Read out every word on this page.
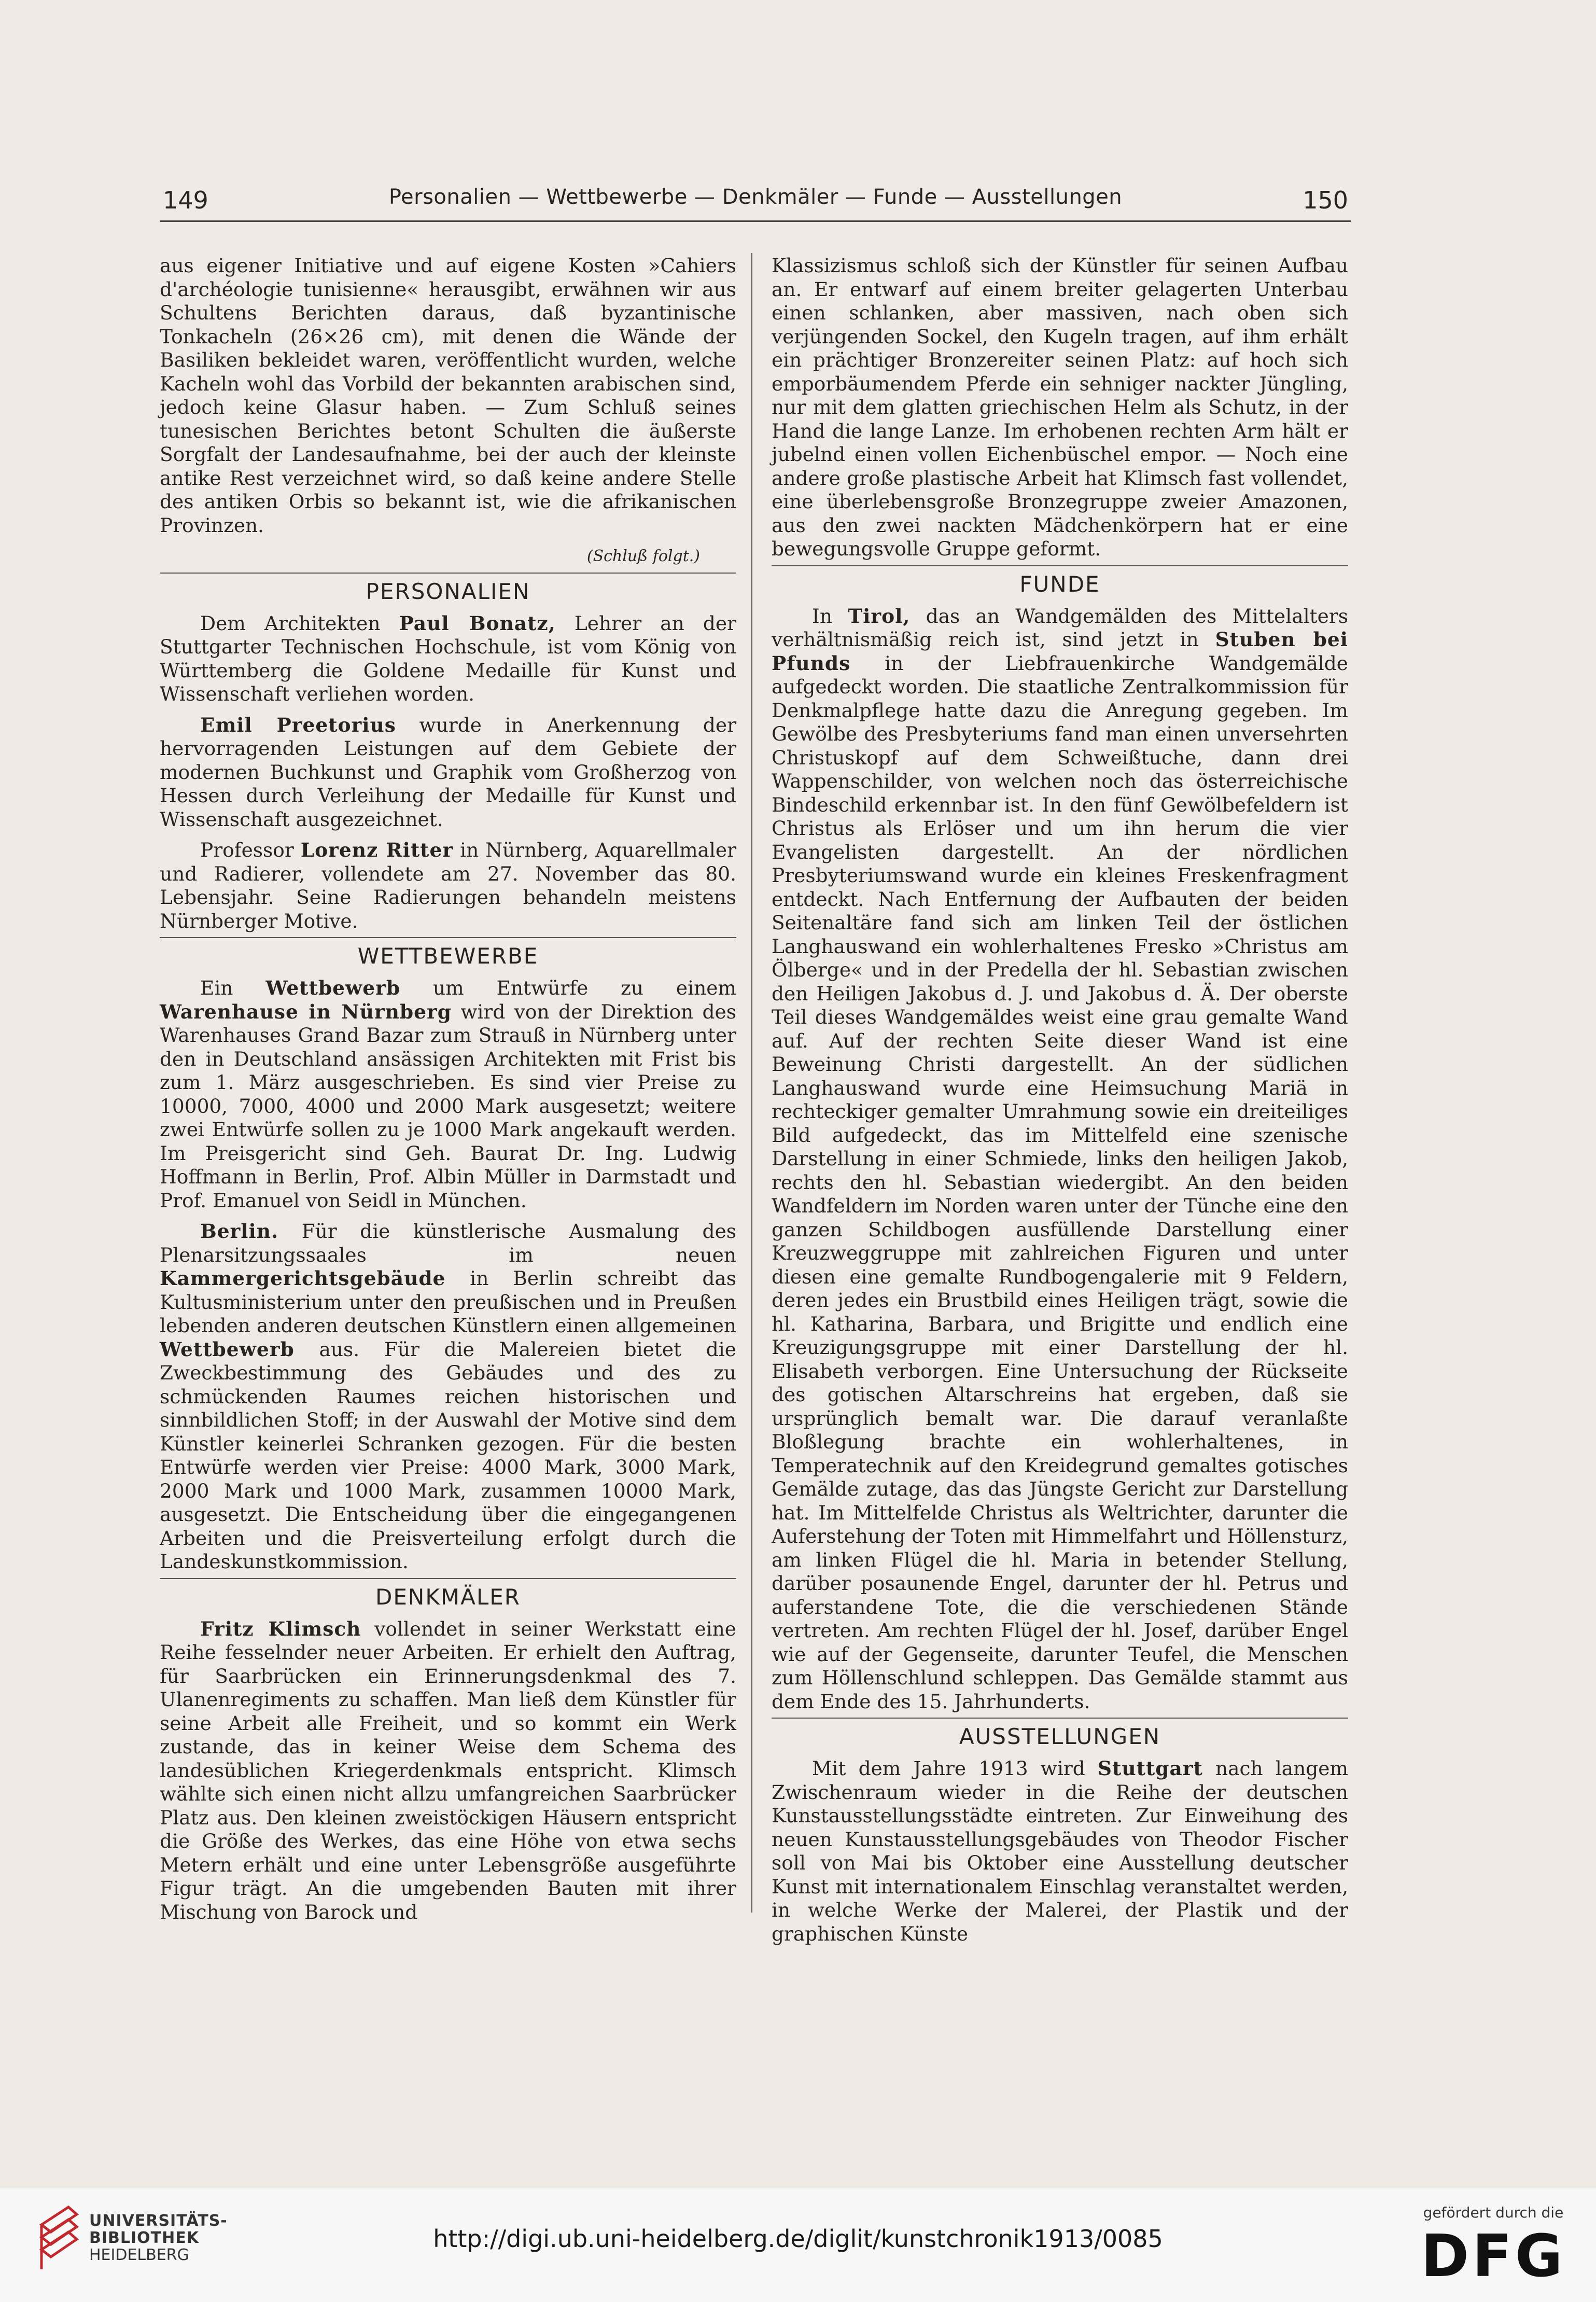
149	Personalien — Wettbewerbe — Denkmäler — Funde — Ausstellungen	150

aus eigener Initiative und auf eigene Kosten »Cahiers d'archéologie tunisienne« herausgibt, erwähnen wir aus Schultens Berichten daraus, daß byzantinische Tonkacheln (26×26 cm), mit denen die Wände der Basiliken bekleidet waren, veröffentlicht wurden, welche Kacheln wohl das Vorbild der bekannten arabischen sind, jedoch keine Glasur haben. — Zum Schluß seines tunesischen Berichtes betont Schulten die äußerste Sorgfalt der Landesaufnahme, bei der auch der kleinste antike Rest verzeichnet wird, so daß keine andere Stelle des antiken Orbis so bekannt ist, wie die afrikanischen Provinzen.

(Schluß folgt.)
PERSONALIEN

Dem Architekten Paul Bonatz, Lehrer an der Stuttgarter Technischen Hochschule, ist vom König von Württemberg die Goldene Medaille für Kunst und Wissenschaft verliehen worden.

Emil Preetorius wurde in Anerkennung der hervorragenden Leistungen auf dem Gebiete der modernen Buchkunst und Graphik vom Großherzog von Hessen durch Verleihung der Medaille für Kunst und Wissenschaft ausgezeichnet.

Professor Lorenz Ritter in Nürnberg, Aquarellmaler und Radierer, vollendete am 27. November das 80. Lebensjahr. Seine Radierungen behandeln meistens Nürnberger Motive.

WETTBEWERBE

Ein Wettbewerb um Entwürfe zu einem Warenhause in Nürnberg wird von der Direktion des Warenhauses Grand Bazar zum Strauß in Nürnberg unter den in Deutschland ansässigen Architekten mit Frist bis zum 1. März ausgeschrieben. Es sind vier Preise zu 10000, 7000, 4000 und 2000 Mark ausgesetzt; weitere zwei Entwürfe sollen zu je 1000 Mark angekauft werden. Im Preisgericht sind Geh. Baurat Dr. Ing. Ludwig Hoffmann in Berlin, Prof. Albin Müller in Darmstadt und Prof. Emanuel von Seidl in München.

Berlin. Für die künstlerische Ausmalung des Plenarsitzungssaales im neuen Kammergerichtsgebäude in Berlin schreibt das Kultusministerium unter den preußischen und in Preußen lebenden anderen deutschen Künstlern einen allgemeinen Wettbewerb aus. Für die Malereien bietet die Zweckbestimmung des Gebäudes und des zu schmückenden Raumes reichen historischen und sinnbildlichen Stoff; in der Auswahl der Motive sind dem Künstler keinerlei Schranken gezogen. Für die besten Entwürfe werden vier Preise: 4000 Mark, 3000 Mark, 2000 Mark und 1000 Mark, zusammen 10000 Mark, ausgesetzt. Die Entscheidung über die eingegangenen Arbeiten und die Preisverteilung erfolgt durch die Landeskunstkommission.

DENKMÄLER

Fritz Klimsch vollendet in seiner Werkstatt eine Reihe fesselnder neuer Arbeiten. Er erhielt den Auftrag, für Saarbrücken ein Erinnerungsdenkmal des 7. Ulanenregiments zu schaffen. Man ließ dem Künstler für seine Arbeit alle Freiheit, und so kommt ein Werk zustande, das in keiner Weise dem Schema des landesüblichen Kriegerdenkmals entspricht. Klimsch wählte sich einen nicht allzu umfangreichen Saarbrücker Platz aus. Den kleinen zweistöckigen Häusern entspricht die Größe des Werkes, das eine Höhe von etwa sechs Metern erhält und eine unter Lebensgröße ausgeführte Figur trägt. An die umgebenden Bauten mit ihrer Mischung von Barock und

Klassizismus schloß sich der Künstler für seinen Aufbau an. Er entwarf auf einem breiter gelagerten Unterbau einen schlanken, aber massiven, nach oben sich verjüngenden Sockel, den Kugeln tragen, auf ihm erhält ein prächtiger Bronzereiter seinen Platz: auf hoch sich emporbäumendem Pferde ein sehniger nackter Jüngling, nur mit dem glatten griechischen Helm als Schutz, in der Hand die lange Lanze. Im erhobenen rechten Arm hält er jubelnd einen vollen Eichenbüschel empor. — Noch eine andere große plastische Arbeit hat Klimsch fast vollendet, eine überlebensgroße Bronzegruppe zweier Amazonen, aus den zwei nackten Mädchenkörpern hat er eine bewegungsvolle Gruppe geformt.

FUNDE

In Tirol, das an Wandgemälden des Mittelalters verhältnismäßig reich ist, sind jetzt in Stuben bei Pfunds in der Liebfrauenkirche Wandgemälde aufgedeckt worden. Die staatliche Zentralkommission für Denkmalpflege hatte dazu die Anregung gegeben. Im Gewölbe des Presbyteriums fand man einen unversehrten Christuskopf auf dem Schweißtuche, dann drei Wappenschilder, von welchen noch das österreichische Bindeschild erkennbar ist. In den fünf Gewölbefeldern ist Christus als Erlöser und um ihn herum die vier Evangelisten dargestellt. An der nördlichen Presbyteriumswand wurde ein kleines Freskenfragment entdeckt. Nach Entfernung der Aufbauten der beiden Seitenaltäre fand sich am linken Teil der östlichen Langhauswand ein wohlerhaltenes Fresko »Christus am Ölberge« und in der Predella der hl. Sebastian zwischen den Heiligen Jakobus d. J. und Jakobus d. Ä. Der oberste Teil dieses Wandgemäldes weist eine grau gemalte Wand auf. Auf der rechten Seite dieser Wand ist eine Beweinung Christi dargestellt. An der südlichen Langhauswand wurde eine Heimsuchung Mariä in rechteckiger gemalter Umrahmung sowie ein dreiteiliges Bild aufgedeckt, das im Mittelfeld eine szenische Darstellung in einer Schmiede, links den heiligen Jakob, rechts den hl. Sebastian wiedergibt. An den beiden Wandfeldern im Norden waren unter der Tünche eine den ganzen Schildbogen ausfüllende Darstellung einer Kreuzweggruppe mit zahlreichen Figuren und unter diesen eine gemalte Rundbogengalerie mit 9 Feldern, deren jedes ein Brustbild eines Heiligen trägt, sowie die hl. Katharina, Barbara, und Brigitte und endlich eine Kreuzigungsgruppe mit einer Darstellung der hl. Elisabeth verborgen. Eine Untersuchung der Rückseite des gotischen Altarschreins hat ergeben, daß sie ursprünglich bemalt war. Die darauf veranlaßte Bloßlegung brachte ein wohlerhaltenes, in Temperatechnik auf den Kreidegrund gemaltes gotisches Gemälde zutage, das das Jüngste Gericht zur Darstellung hat. Im Mittelfelde Christus als Weltrichter, darunter die Auferstehung der Toten mit Himmelfahrt und Höllensturz, am linken Flügel die hl. Maria in betender Stellung, darüber posaunende Engel, darunter der hl. Petrus und auferstandene Tote, die die verschiedenen Stände vertreten. Am rechten Flügel der hl. Josef, darüber Engel wie auf der Gegenseite, darunter Teufel, die Menschen zum Höllenschlund schleppen. Das Gemälde stammt aus dem Ende des 15. Jahrhunderts.

AUSSTELLUNGEN

Mit dem Jahre 1913 wird Stuttgart nach langem Zwischenraum wieder in die Reihe der deutschen Kunstausstellungsstädte eintreten. Zur Einweihung des neuen Kunstausstellungsgebäudes von Theodor Fischer soll von Mai bis Oktober eine Ausstellung deutscher Kunst mit internationalem Einschlag veranstaltet werden, in welche Werke der Malerei, der Plastik und der graphischen Künste

UNIVERSITÄTS-
BIBLIOTHEK
HEIDELBERG
http://digi.ub.uni-heidelberg.de/diglit/kunstchronik1913/0085
gefördert durch die
DFG
